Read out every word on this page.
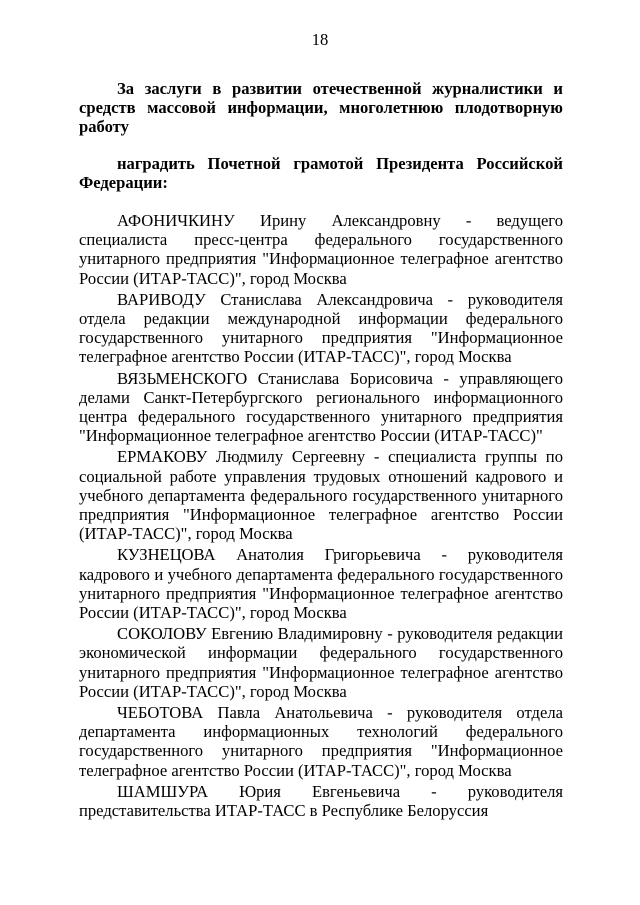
18

За заслуги в развитии отечественной журналистики и средств массовой информации, многолетнюю плодотворную работу

наградить Почетной грамотой Президента Российской Федерации:

АФОНИЧКИНУ Ирину Александровну - ведущего специалиста пресс-центра федерального государственного унитарного предприятия "Информационное телеграфное агентство России (ИТАР-ТАСС)", город Москва

ВАРИВОДУ Станислава Александровича - руководителя отдела редакции международной информации федерального государственного унитарного предприятия "Информационное телеграфное агентство России (ИТАР-ТАСС)", город Москва

ВЯЗЬМЕНСКОГО Станислава Борисовича - управляющего делами Санкт-Петербургского регионального информационного центра федерального государственного унитарного предприятия "Информационное телеграфное агентство России (ИТАР-ТАСС)"

ЕРМАКОВУ Людмилу Сергеевну - специалиста группы по социальной работе управления трудовых отношений кадрового и учебного департамента федерального государственного унитарного предприятия "Информационное телеграфное агентство России (ИТАР-ТАСС)", город Москва

КУЗНЕЦОВА Анатолия Григорьевича - руководителя кадрового и учебного департамента федерального государственного унитарного предприятия "Информационное телеграфное агентство России (ИТАР-ТАСС)", город Москва

СОКОЛОВУ Евгению Владимировну - руководителя редакции экономической информации федерального государственного унитарного предприятия "Информационное телеграфное агентство России (ИТАР-ТАСС)", город Москва

ЧЕБОТОВА Павла Анатольевича - руководителя отдела департамента информационных технологий федерального государственного унитарного предприятия "Информационное телеграфное агентство России (ИТАР-ТАСС)", город Москва

ШАМШУРА Юрия Евгеньевича - руководителя представительства ИТАР-ТАСС в Республике Белоруссия
